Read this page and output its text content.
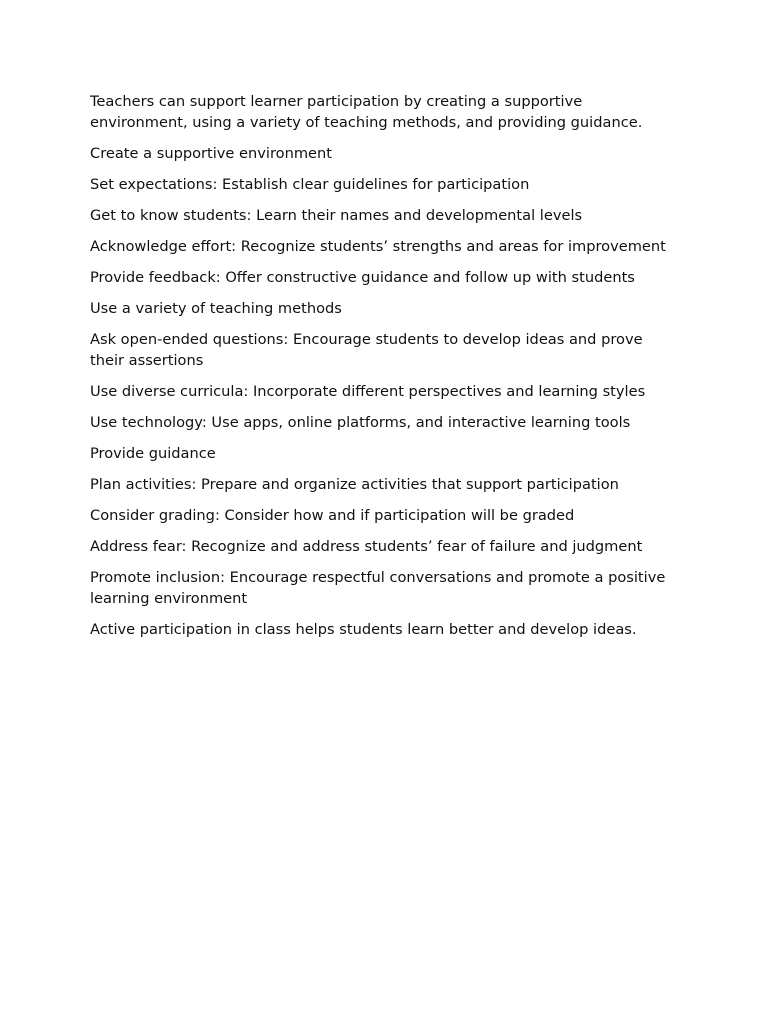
Teachers can support learner participation by creating a supportive environment, using a variety of teaching methods, and providing guidance.

Create a supportive environment

Set expectations: Establish clear guidelines for participation

Get to know students: Learn their names and developmental levels

Acknowledge effort: Recognize students’ strengths and areas for improvement

Provide feedback: Offer constructive guidance and follow up with students

Use a variety of teaching methods

Ask open-ended questions: Encourage students to develop ideas and prove their assertions

Use diverse curricula: Incorporate different perspectives and learning styles

Use technology: Use apps, online platforms, and interactive learning tools

Provide guidance

Plan activities: Prepare and organize activities that support participation

Consider grading: Consider how and if participation will be graded

Address fear: Recognize and address students’ fear of failure and judgment

Promote inclusion: Encourage respectful conversations and promote a positive learning environment

Active participation in class helps students learn better and develop ideas.
